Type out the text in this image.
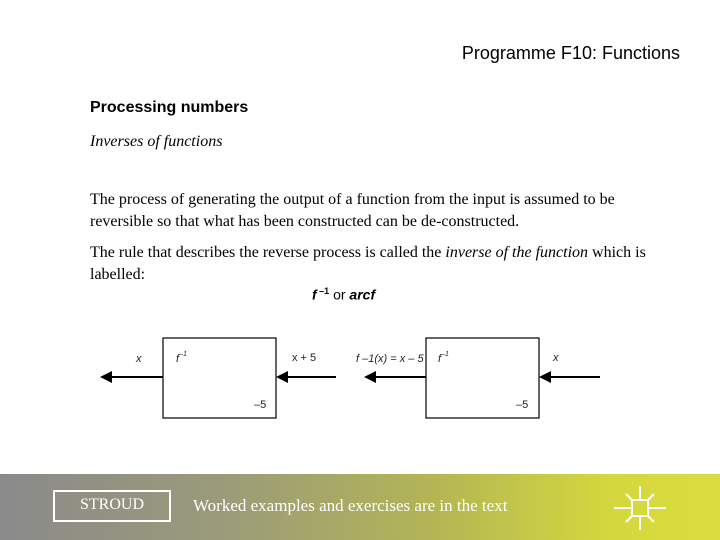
Programme F10: Functions
Processing numbers
Inverses of functions
The process of generating the output of a function from the input is assumed to be reversible so that what has been constructed can be de-constructed.
The rule that describes the reverse process is called the inverse of the function which is labelled:
f $^{-1}$ or arcf
x	$f^{-1}$	x + 5
–5
f –1(x) = x – 5 $f^{-1}$	x
–5
STROUD	Worked examples and exercises are in the text
